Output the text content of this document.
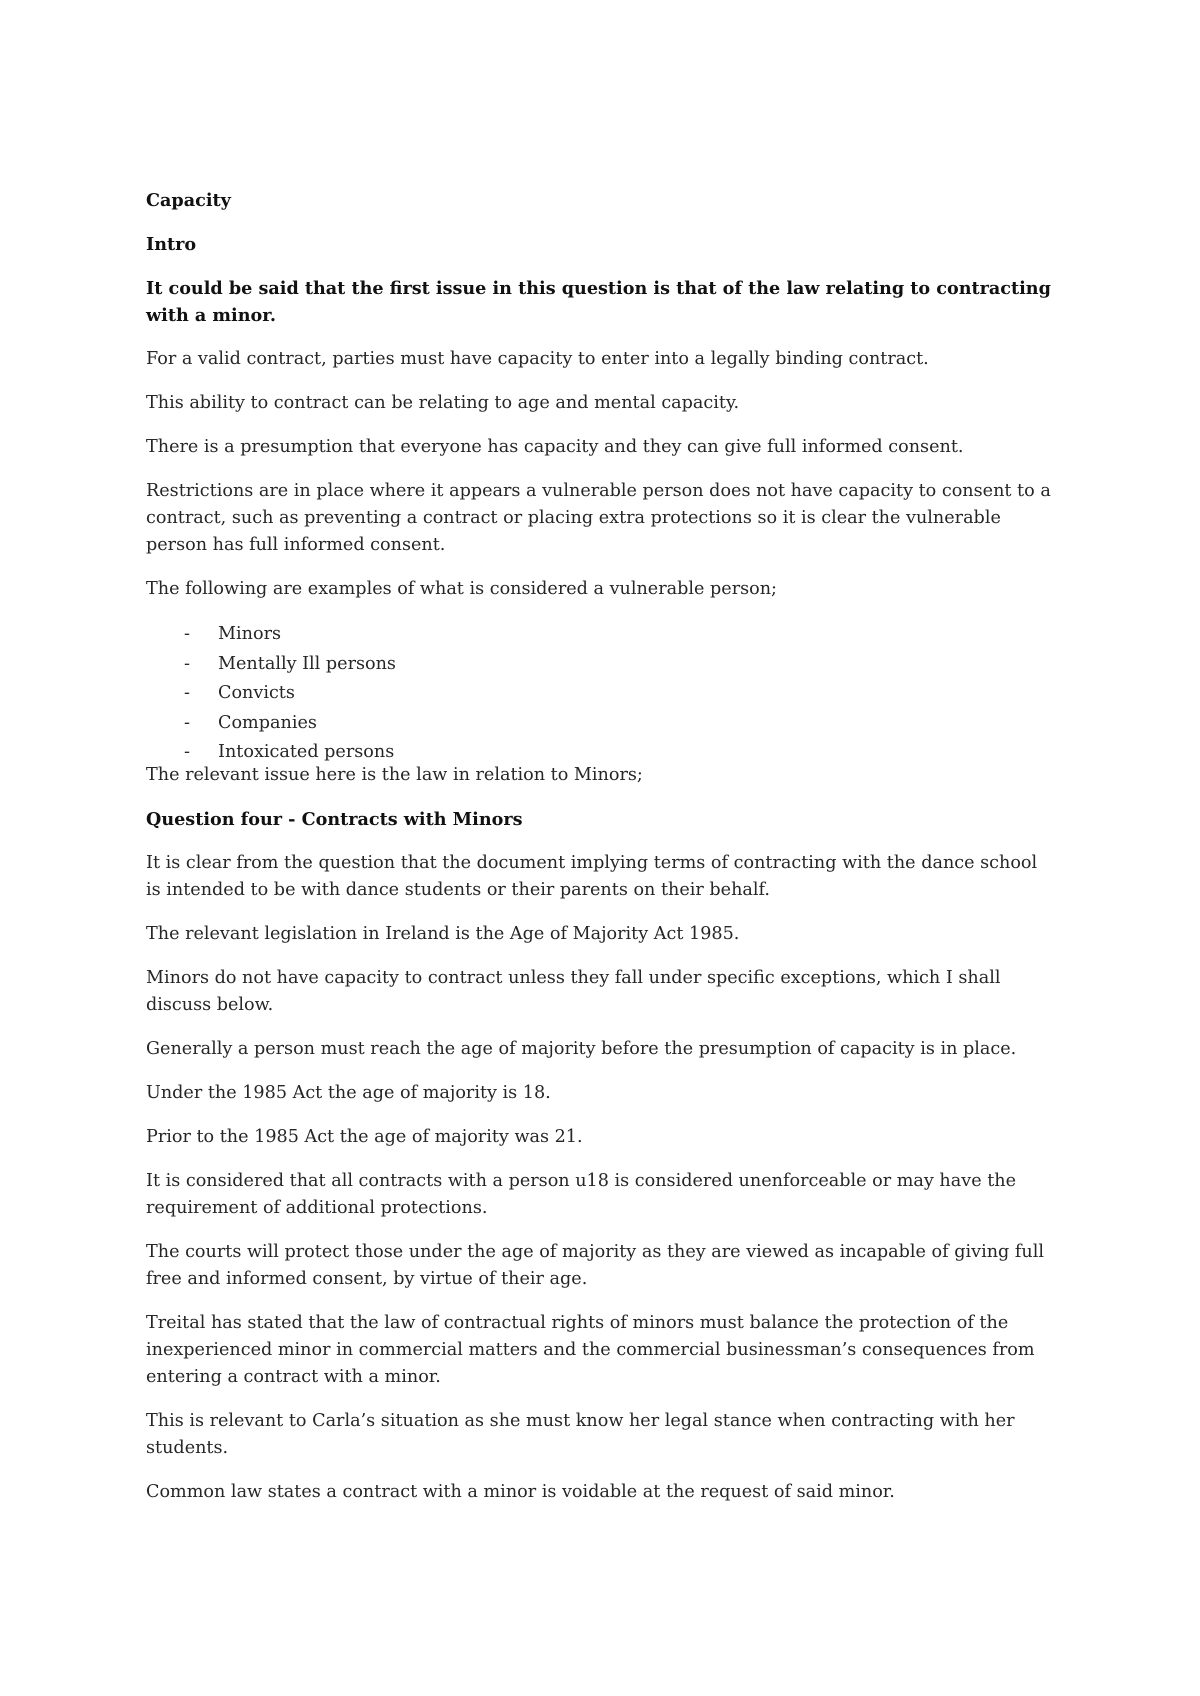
Capacity

Intro

It could be said that the first issue in this question is that of the law relating to contracting with a minor.

For a valid contract, parties must have capacity to enter into a legally binding contract.

This ability to contract can be relating to age and mental capacity.

There is a presumption that everyone has capacity and they can give full informed consent.

Restrictions are in place where it appears a vulnerable person does not have capacity to consent to a contract, such as preventing a contract or placing extra protections so it is clear the vulnerable person has full informed consent.

The following are examples of what is considered a vulnerable person;

- Minors
- Mentally Ill persons
- Convicts
- Companies
- Intoxicated persons

The relevant issue here is the law in relation to Minors;

Question four - Contracts with Minors

It is clear from the question that the document implying terms of contracting with the dance school is intended to be with dance students or their parents on their behalf.

The relevant legislation in Ireland is the Age of Majority Act 1985.

Minors do not have capacity to contract unless they fall under specific exceptions, which I shall discuss below.

Generally a person must reach the age of majority before the presumption of capacity is in place.

Under the 1985 Act the age of majority is 18.

Prior to the 1985 Act the age of majority was 21.

It is considered that all contracts with a person u18 is considered unenforceable or may have the requirement of additional protections.

The courts will protect those under the age of majority as they are viewed as incapable of giving full free and informed consent, by virtue of their age.

Treital has stated that the law of contractual rights of minors must balance the protection of the inexperienced minor in commercial matters and the commercial businessman’s consequences from entering a contract with a minor.

This is relevant to Carla’s situation as she must know her legal stance when contracting with her students.

Common law states a contract with a minor is voidable at the request of said minor.
